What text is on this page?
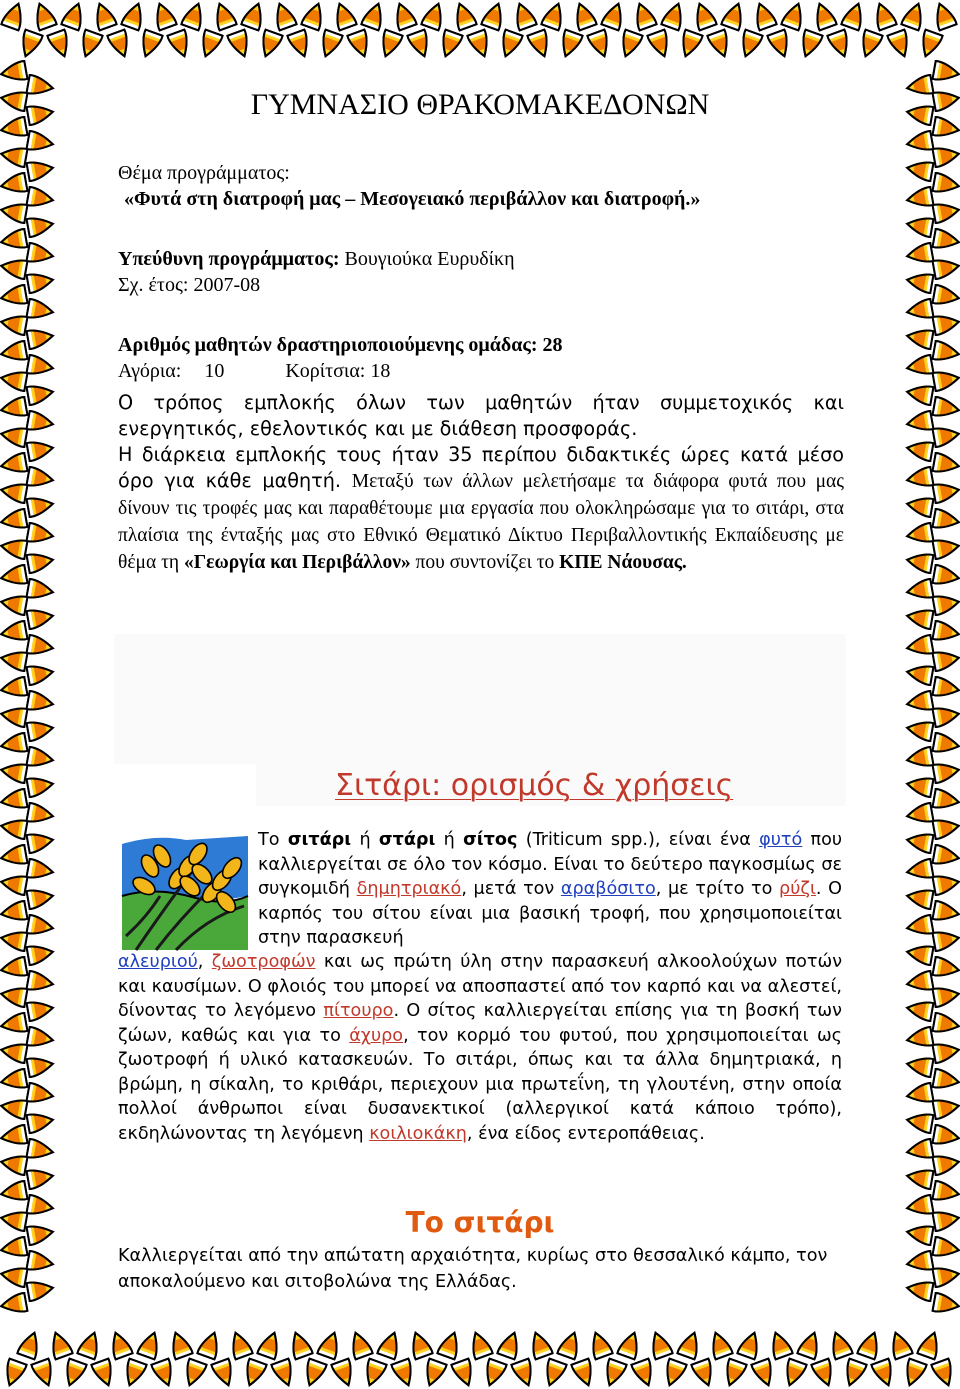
ΓΥΜΝΑΣΙΟ ΘΡΑΚΟΜΑΚΕΔΟΝΩΝ
Θέμα προγράμματος:
«Φυτά στη διατροφή μας – Μεσογειακό περιβάλλον και διατροφή.»
Υπεύθυνη προγράμματος: Βουγιούκα Ευρυδίκη
Σχ. έτος: 2007-08
Αριθμός μαθητών δραστηριοποιούμενης ομάδας: 28
Αγόρια: 10	Κορίτσια: 18
Ο τρόπος εμπλοκής όλων των μαθητών ήταν συμμετοχικός και ενεργητικός, εθελοντικός και με διάθεση προσφοράς.
Η διάρκεια εμπλοκής τους ήταν 35 περίπου διδακτικές ώρες κατά μέσο όρο για κάθε μαθητή. Μεταξύ των άλλων μελετήσαμε τα διάφορα φυτά που μας δίνουν τις τροφές μας και παραθέτουμε μια εργασία που ολοκληρώσαμε για το σιτάρι, στα πλαίσια της ένταξής μας στο Εθνικό Θεματικό Δίκτυο Περιβαλλοντικής Εκπαίδευσης με θέμα τη «Γεωργία και Περιβάλλον» που συντονίζει το ΚΠΕ Νάουσας.
Σιτάρι: ορισμός & χρήσεις
Το σιτάρι ή στάρι ή σίτος (Triticum spp.), είναι ένα φυτό που καλλιεργείται σε όλο τον κόσμο. Είναι το δεύτερο παγκοσμίως σε συγκομιδή δημητριακό, μετά τον αραβόσιτο, με τρίτο το ρύζι. Ο καρπός του σίτου είναι μια βασική τροφή, που χρησιμοποιείται στην παρασκευή
αλευριού, ζωοτροφών και ως πρώτη ύλη στην παρασκευή αλκοολούχων ποτών και καυσίμων. Ο φλοιός του μπορεί να αποσπαστεί από τον καρπό και να αλεστεί, δίνοντας το λεγόμενο πίτουρο. Ο σίτος καλλιεργείται επίσης για τη βοσκή των ζώων, καθώς και για το άχυρο, τον κορμό του φυτού, που χρησιμοποιείται ως ζωοτροφή ή υλικό κατασκευών. Το σιτάρι, όπως και τα άλλα δημητριακά, η βρώμη, η σίκαλη, το κριθάρι, περιεχουν μια πρωτεΐνη, τη γλουτένη, στην οποία πολλοί άνθρωποι είναι δυσανεκτικοί (αλλεργικοί κατά κάποιο τρόπο), εκδηλώνοντας τη λεγόμενη κοιλιοκάκη, ένα είδος εντεροπάθειας.
Το σιτάρι
Καλλιεργείται από την απώτατη αρχαιότητα, κυρίως στο θεσσαλικό κάμπο, τον αποκαλούμενο και σιτοβολώνα της Ελλάδας.
